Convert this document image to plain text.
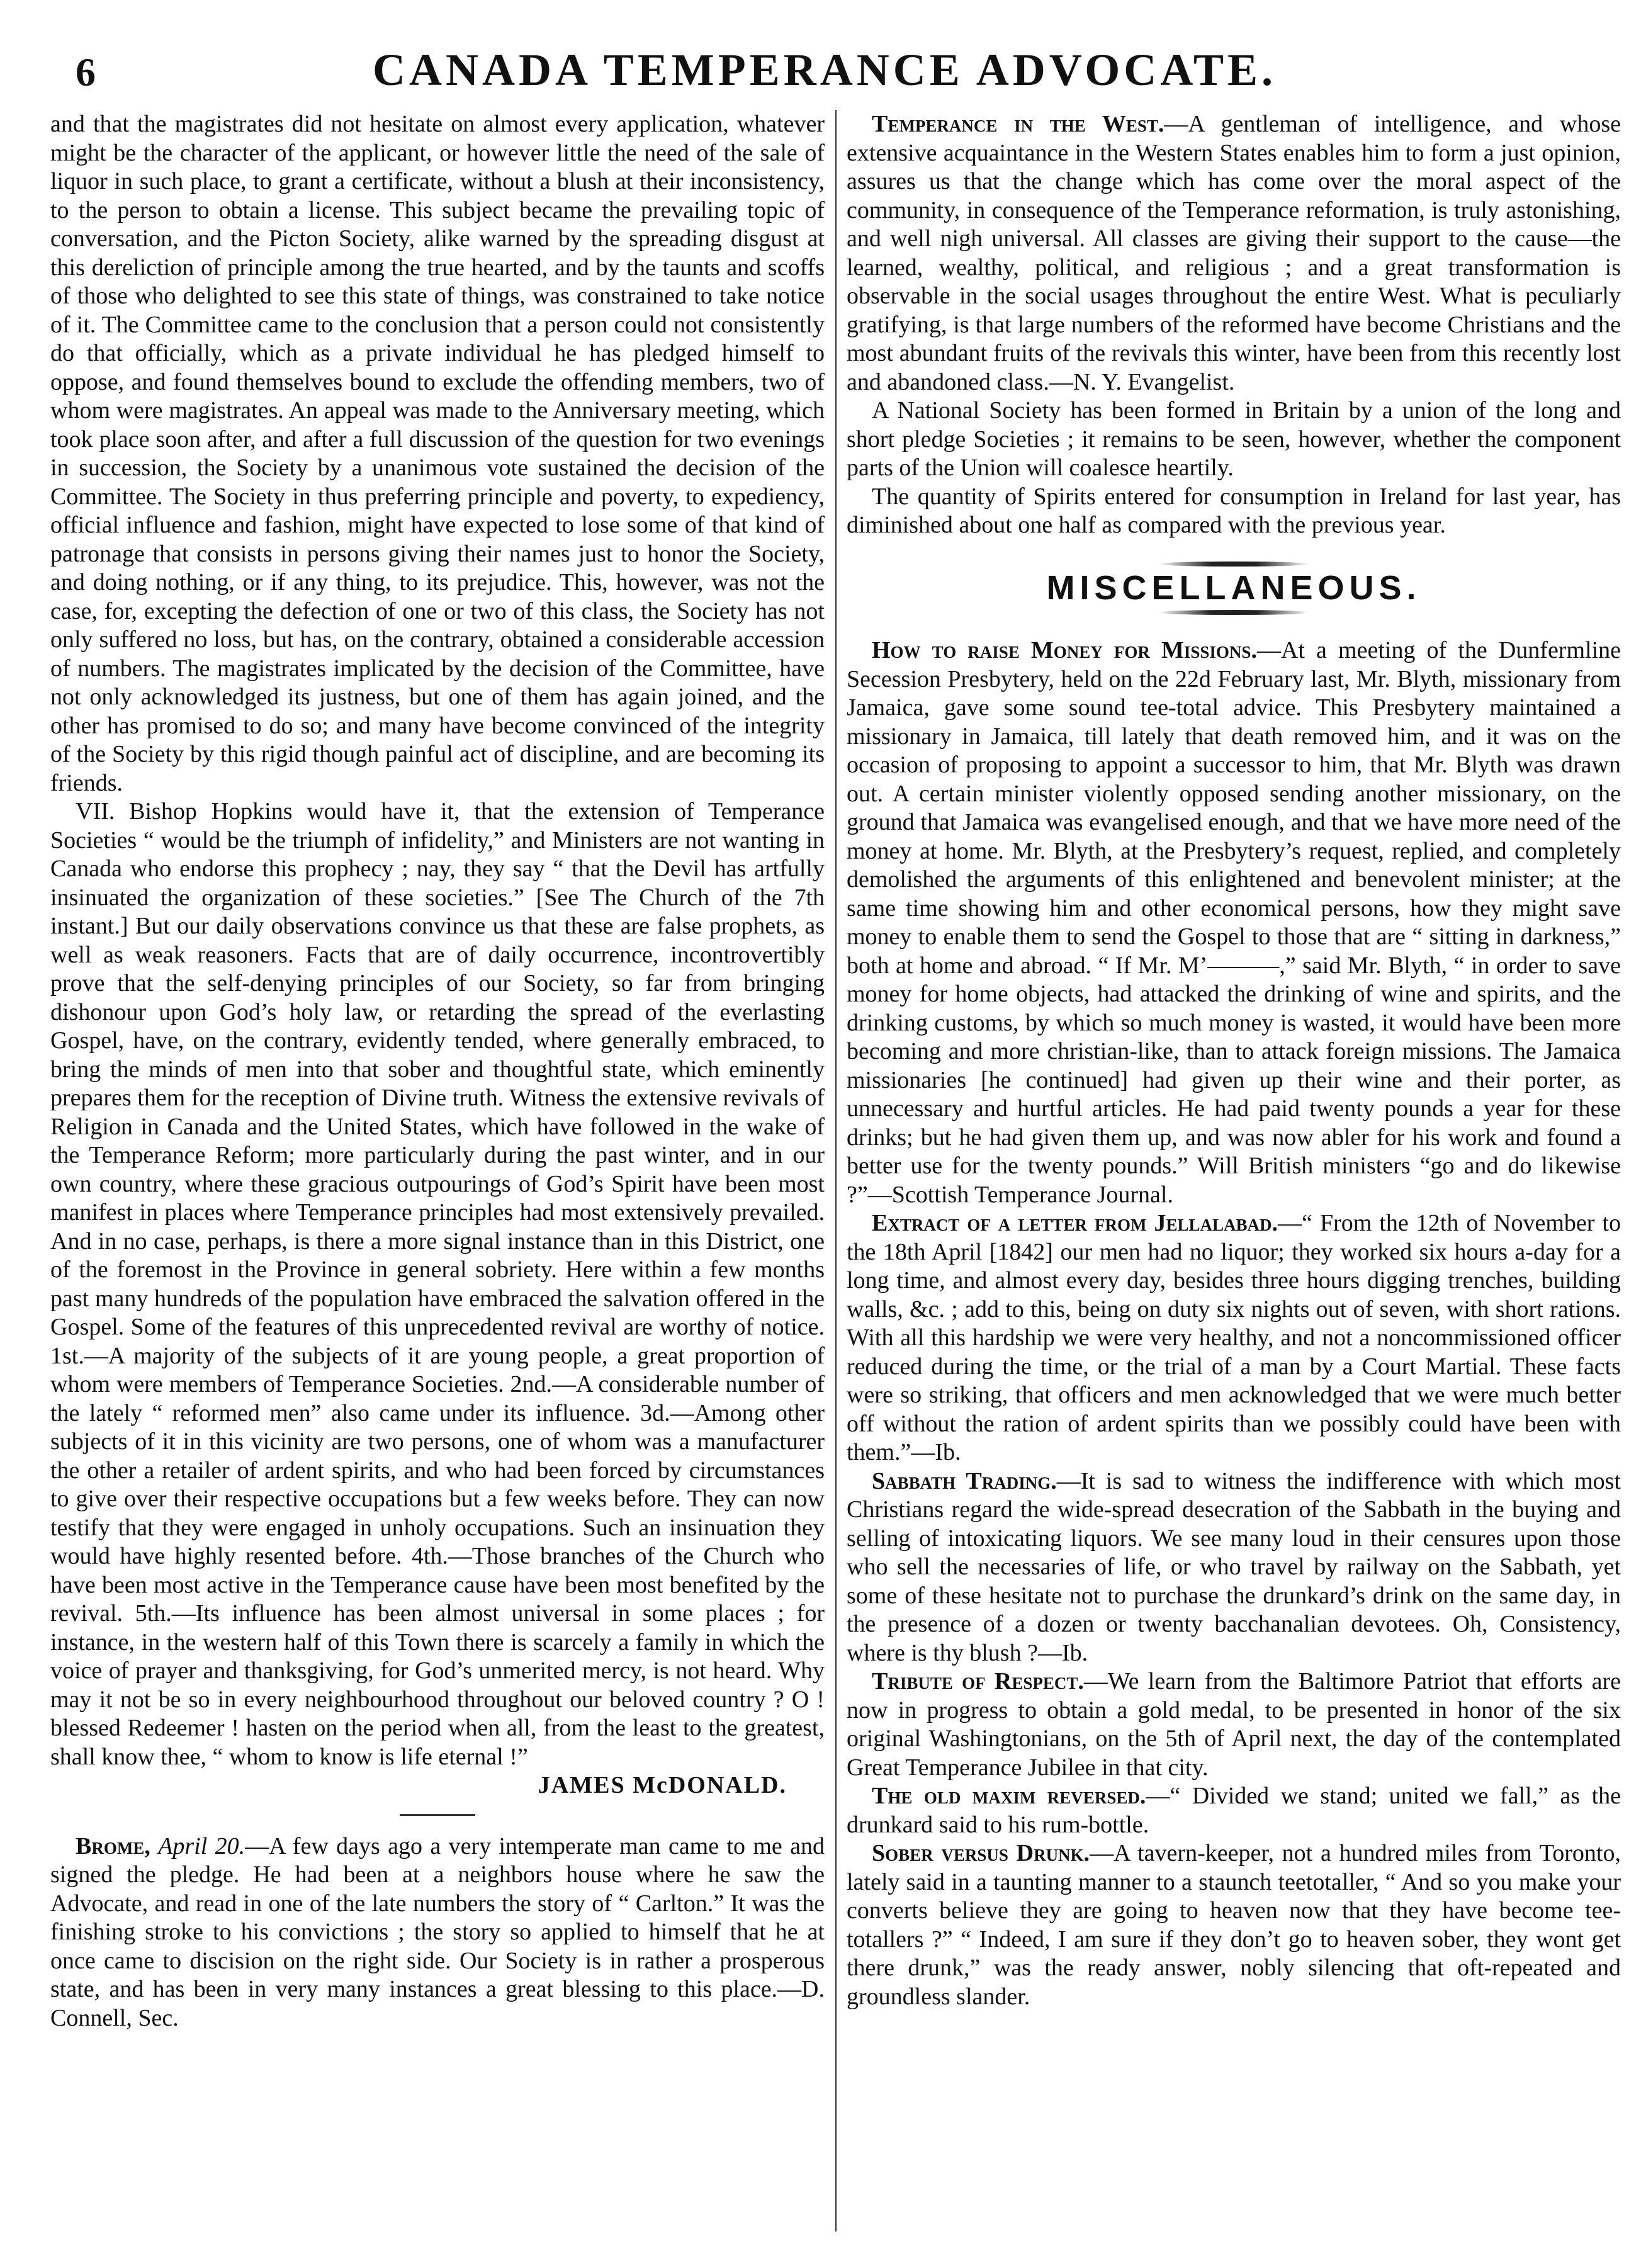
6	CANADA TEMPERANCE ADVOCATE.

and that the magistrates did not hesitate on almost every application, whatever might be the character of the applicant, or however little the need of the sale of liquor in such place, to grant a certificate, without a blush at their inconsistency, to the person to obtain a license. This subject became the prevailing topic of conversation, and the Picton Society, alike warned by the spreading disgust at this dereliction of principle among the true hearted, and by the taunts and scoffs of those who delighted to see this state of things, was constrained to take notice of it. The Committee came to the conclusion that a person could not consistently do that officially, which as a private individual he has pledged himself to oppose, and found themselves bound to exclude the offending members, two of whom were magistrates. An appeal was made to the Anniversary meeting, which took place soon after, and after a full discussion of the question for two evenings in succession, the Society by a unanimous vote sustained the decision of the Committee. The Society in thus preferring principle and poverty, to expediency, official influence and fashion, might have expected to lose some of that kind of patronage that consists in persons giving their names just to honor the Society, and doing nothing, or if any thing, to its prejudice. This, however, was not the case, for, excepting the defection of one or two of this class, the Society has not only suffered no loss, but has, on the contrary, obtained a considerable accession of numbers. The magistrates implicated by the decision of the Committee, have not only acknowledged its justness, but one of them has again joined, and the other has promised to do so; and many have become convinced of the integrity of the Society by this rigid though painful act of discipline, and are becoming its friends.

VII. Bishop Hopkins would have it, that the extension of Temperance Societies “ would be the triumph of infidelity,” and Ministers are not wanting in Canada who endorse this prophecy ; nay, they say “ that the Devil has artfully insinuated the organization of these societies.” [See The Church of the 7th instant.] But our daily observations convince us that these are false prophets, as well as weak reasoners. Facts that are of daily occurrence, incontrovertibly prove that the self-denying principles of our Society, so far from bringing dishonour upon God’s holy law, or retarding the spread of the everlasting Gospel, have, on the contrary, evidently tended, where generally embraced, to bring the minds of men into that sober and thoughtful state, which eminently prepares them for the reception of Divine truth. Witness the extensive revivals of Religion in Canada and the United States, which have followed in the wake of the Temperance Reform; more particularly during the past winter, and in our own country, where these gracious outpourings of God’s Spirit have been most manifest in places where Temperance principles had most extensively prevailed. And in no case, perhaps, is there a more signal instance than in this District, one of the foremost in the Province in general sobriety. Here within a few months past many hundreds of the population have embraced the salvation offered in the Gospel. Some of the features of this unprecedented revival are worthy of notice. 1st.—A majority of the subjects of it are young people, a great proportion of whom were members of Temperance Societies. 2nd.—A considerable number of the lately “ reformed men” also came under its influence. 3d.—Among other subjects of it in this vicinity are two persons, one of whom was a manufacturer the other a retailer of ardent spirits, and who had been forced by circumstances to give over their respective occupations but a few weeks before. They can now testify that they were engaged in unholy occupations. Such an insinuation they would have highly resented before. 4th.—Those branches of the Church who have been most active in the Temperance cause have been most benefited by the revival. 5th.—Its influence has been almost universal in some places ; for instance, in the western half of this Town there is scarcely a family in which the voice of prayer and thanksgiving, for God’s unmerited mercy, is not heard. Why may it not be so in every neighbourhood throughout our beloved country ? O ! blessed Redeemer ! hasten on the period when all, from the least to the greatest, shall know thee, “ whom to know is life eternal !”

JAMES McDONALD.

Brome, April 20.—A few days ago a very intemperate man came to me and signed the pledge. He had been at a neighbors house where he saw the Advocate, and read in one of the late numbers the story of “ Carlton.” It was the finishing stroke to his convictions ; the story so applied to himself that he at once came to discision on the right side. Our Society is in rather a prosperous state, and has been in very many instances a great blessing to this place.—D. Connell, Sec.

Temperance in the West.—A gentleman of intelligence, and whose extensive acquaintance in the Western States enables him to form a just opinion, assures us that the change which has come over the moral aspect of the community, in consequence of the Temperance reformation, is truly astonishing, and well nigh universal. All classes are giving their support to the cause—the learned, wealthy, political, and religious ; and a great transformation is observable in the social usages throughout the entire West. What is peculiarly gratifying, is that large numbers of the reformed have become Christians and the most abundant fruits of the revivals this winter, have been from this recently lost and abandoned class.—N. Y. Evangelist.

A National Society has been formed in Britain by a union of the long and short pledge Societies ; it remains to be seen, however, whether the component parts of the Union will coalesce heartily.

The quantity of Spirits entered for consumption in Ireland for last year, has diminished about one half as compared with the previous year.

MISCELLANEOUS.

How to raise Money for Missions.—At a meeting of the Dunfermline Secession Presbytery, held on the 22d February last, Mr. Blyth, missionary from Jamaica, gave some sound tee-total advice. This Presbytery maintained a missionary in Jamaica, till lately that death removed him, and it was on the occasion of proposing to appoint a successor to him, that Mr. Blyth was drawn out. A certain minister violently opposed sending another missionary, on the ground that Jamaica was evangelised enough, and that we have more need of the money at home. Mr. Blyth, at the Presbytery’s request, replied, and completely demolished the arguments of this enlightened and benevolent minister; at the same time showing him and other economical persons, how they might save money to enable them to send the Gospel to those that are “ sitting in darkness,” both at home and abroad. “ If Mr. M’———,” said Mr. Blyth, “ in order to save money for home objects, had attacked the drinking of wine and spirits, and the drinking customs, by which so much money is wasted, it would have been more becoming and more christian-like, than to attack foreign missions. The Jamaica missionaries [he continued] had given up their wine and their porter, as unnecessary and hurtful articles. He had paid twenty pounds a year for these drinks; but he had given them up, and was now abler for his work and found a better use for the twenty pounds.” Will British ministers “go and do likewise ?”—Scottish Temperance Journal.

Extract of a letter from Jellalabad.—“ From the 12th of November to the 18th April [1842] our men had no liquor; they worked six hours a-day for a long time, and almost every day, besides three hours digging trenches, building walls, &c. ; add to this, being on duty six nights out of seven, with short rations. With all this hardship we were very healthy, and not a noncommissioned officer reduced during the time, or the trial of a man by a Court Martial. These facts were so striking, that officers and men acknowledged that we were much better off without the ration of ardent spirits than we possibly could have been with them.”—Ib.

Sabbath Trading.—It is sad to witness the indifference with which most Christians regard the wide-spread desecration of the Sabbath in the buying and selling of intoxicating liquors. We see many loud in their censures upon those who sell the necessaries of life, or who travel by railway on the Sabbath, yet some of these hesitate not to purchase the drunkard’s drink on the same day, in the presence of a dozen or twenty bacchanalian devotees. Oh, Consistency, where is thy blush ?—Ib.

Tribute of Respect.—We learn from the Baltimore Patriot that efforts are now in progress to obtain a gold medal, to be presented in honor of the six original Washingtonians, on the 5th of April next, the day of the contemplated Great Temperance Jubilee in that city.

The old maxim reversed.—“ Divided we stand; united we fall,” as the drunkard said to his rum-bottle.

Sober versus Drunk.—A tavern-keeper, not a hundred miles from Toronto, lately said in a taunting manner to a staunch teetotaller, “ And so you make your converts believe they are going to heaven now that they have become tee-totallers ?” “ Indeed, I am sure if they don’t go to heaven sober, they wont get there drunk,” was the ready answer, nobly silencing that oft-repeated and groundless slander.
